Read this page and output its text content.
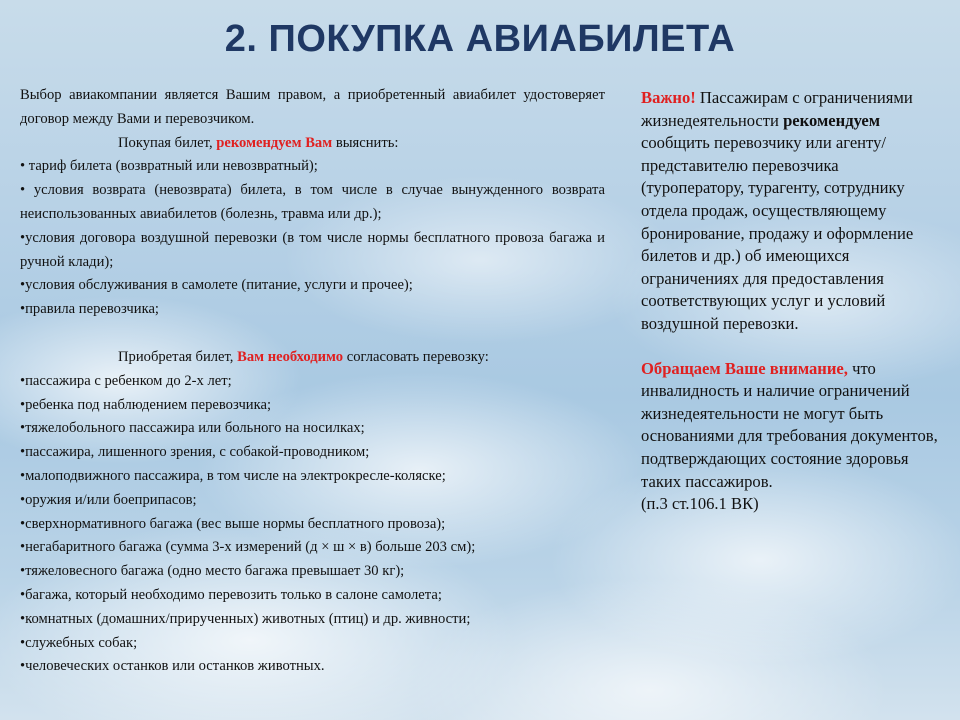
2. ПОКУПКА АВИАБИЛЕТА

Выбор авиакомпании является Вашим правом, а приобретенный авиабилет удостоверяет договор между Вами и перевозчиком.

Покупая билет, рекомендуем Вам выяснить:

• тариф билета (возвратный или невозвратный);

• условия возврата (невозврата) билета, в том числе в случае вынужденного возврата неиспользованных авиабилетов (болезнь, травма или др.);

•условия договора воздушной перевозки (в том числе нормы бесплатного провоза багажа и ручной клади);

•условия обслуживания в самолете (питание, услуги и прочее);

•правила перевозчика;

Приобретая билет, Вам необходимо согласовать перевозку:

•пассажира с ребенком до 2-х лет;

•ребенка под наблюдением перевозчика;

•тяжелобольного пассажира или больного на носилках;

•пассажира, лишенного зрения, с собакой-проводником;

•малоподвижного пассажира, в том числе на электрокресле-коляске;

•оружия и/или боеприпасов;

•сверхнормативного багажа (вес выше нормы бесплатного провоза);

•негабаритного багажа (сумма 3-х измерений (д × ш × в) больше 203 см);

•тяжеловесного багажа (одно место багажа превышает 30 кг);

•багажа, который необходимо перевозить только в салоне самолета;

•комнатных (домашних/прирученных) животных (птиц) и др. живности;

•служебных собак;

•человеческих останков или останков животных.

Важно! Пассажирам с ограничениями жизнедеятельности рекомендуем сообщить перевозчику или агенту/представителю перевозчика (туроператору, турагенту, сотруднику отдела продаж, осуществляющему бронирование, продажу и оформление билетов и др.) об имеющихся ограничениях для предоставления соответствующих услуг и условий воздушной перевозки.

Обращаем Ваше внимание, что инвалидность и наличие ограничений жизнедеятельности не могут быть основаниями для требования документов, подтверждающих состояние здоровья таких пассажиров.

(п.3 ст.106.1 ВК)
